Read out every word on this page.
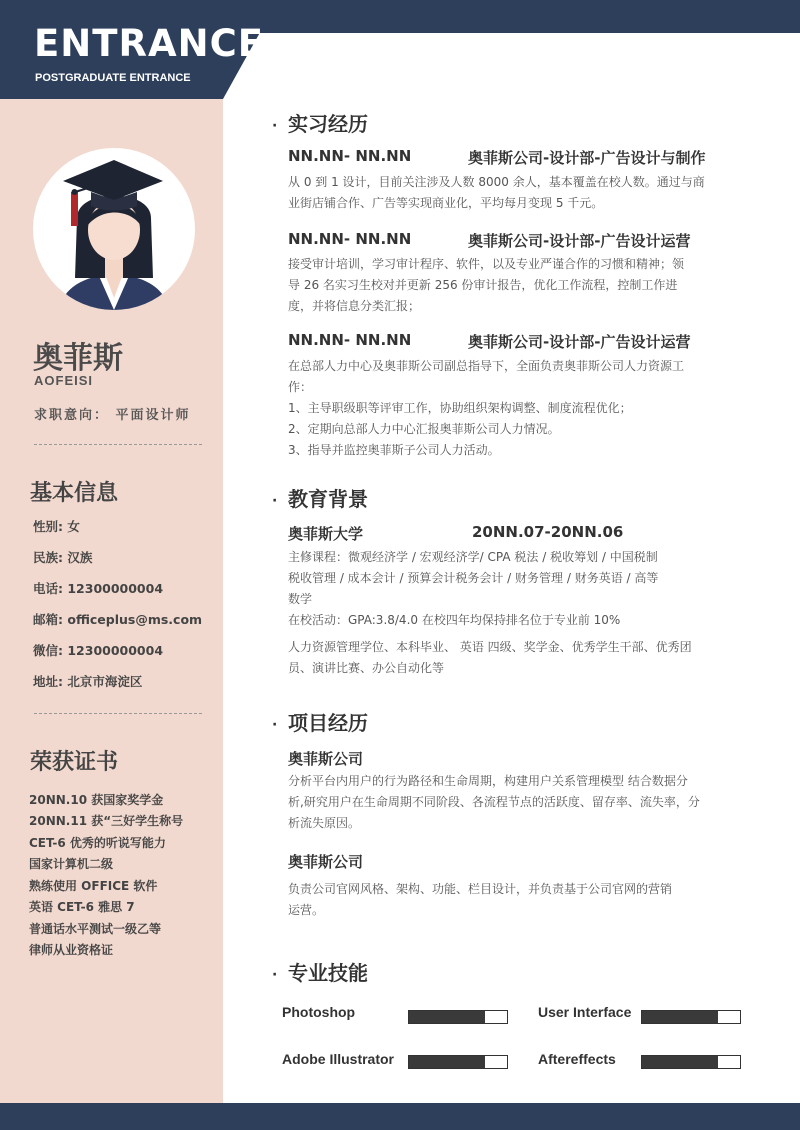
ENTRANCE
POSTGRADUATE ENTRANCE
奥菲斯
AOFEISI
求职意向： 平面设计师
基本信息
性别: 女
民族: 汉族
电话: 12300000004
邮箱: officeplus@ms.com
微信: 12300000004
地址: 北京市海淀区
荣获证书
20NN.10 获国家奖学金
20NN.11 获“三好学生称号
CET-6 优秀的听说写能力
国家计算机二级
熟练使用 OFFICE 软件
英语 CET-6 雅思 7
普通话水平测试一级乙等
律师从业资格证
· 实习经历
NN.NN- NN.NN	奥菲斯公司-设计部-广告设计与制作
从 0 到 1 设计，目前关注涉及人数 8000 余人，基本覆盖在校人数。通过与商
业街店铺合作、广告等实现商业化，平均每月变现 5 千元。
NN.NN- NN.NN	奥菲斯公司-设计部-广告设计运营
接受审计培训，学习审计程序、软件，以及专业严谨合作的习惯和精神；领
导 26 名实习生校对并更新 256 份审计报告，优化工作流程，控制工作进
度，并将信息分类汇报；
NN.NN- NN.NN	奥菲斯公司-设计部-广告设计运营
在总部人力中心及奥菲斯公司副总指导下，全面负责奥菲斯公司人力资源工
作：
1、主导职级职等评审工作，协助组织架构调整、制度流程优化；
2、定期向总部人力中心汇报奥菲斯公司人力情况。
3、指导并监控奥菲斯子公司人力活动。
· 教育背景
奥菲斯大学	20NN.07-20NN.06
主修课程：微观经济学 / 宏观经济学/ CPA 税法 / 税收筹划 / 中国税制
税收管理 / 成本会计 / 预算会计税务会计 / 财务管理 / 财务英语 / 高等
数学
在校活动：GPA:3.8/4.0 在校四年均保持排名位于专业前 10%
人力资源管理学位、本科毕业、 英语 四级、奖学金、优秀学生干部、优秀团
员、演讲比赛、办公自动化等
· 项目经历
奥菲斯公司
分析平台内用户的行为路径和生命周期，构建用户关系管理模型 结合数据分
析,研究用户在生命周期不同阶段、各流程节点的活跃度、留存率、流失率，分
析流失原因。
奥菲斯公司
负责公司官网风格、架构、功能、栏目设计，并负责基于公司官网的营销
运营。
· 专业技能
Photoshop	User Interface
Adobe Illustrator	Aftereffects
